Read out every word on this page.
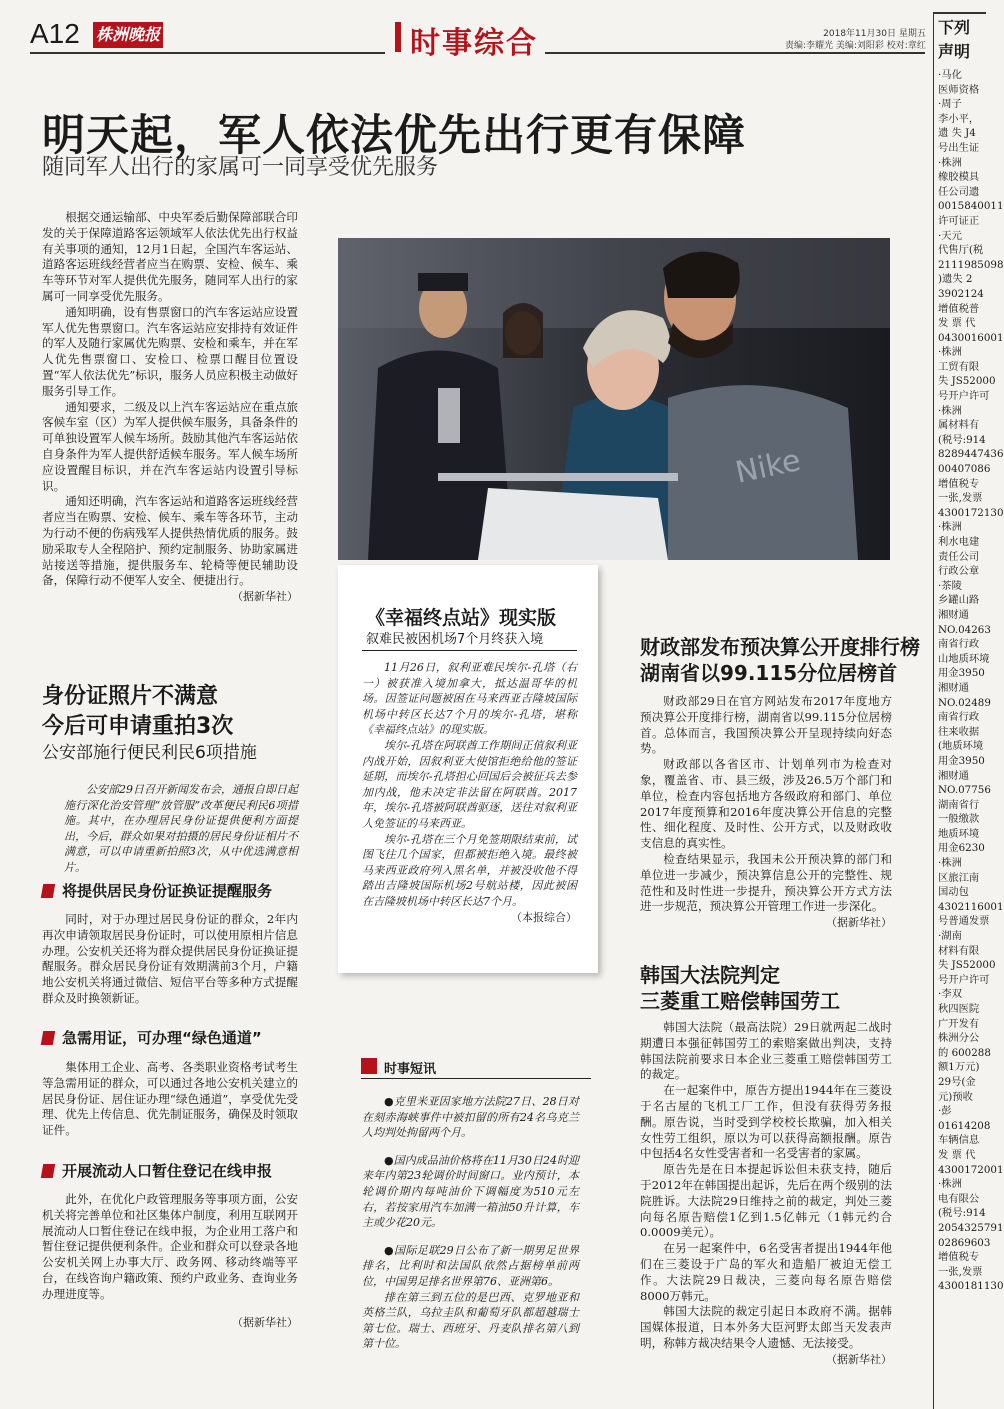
A12 株洲晚报	时事综合	2018年11月30日 星期五
责编:李耀光 美编:刘阳彩 校对:章红
明天起，军人依法优先出行更有保障
随同军人出行的家属可一同享受优先服务

根据交通运输部、中央军委后勤保障部联合印发的关于保障道路客运领域军人依法优先出行权益有关事项的通知，12月1日起，全国汽车客运站、道路客运班线经营者应当在购票、安检、候车、乘车等环节对军人提供优先服务，随同军人出行的家属可一同享受优先服务。

通知明确，设有售票窗口的汽车客运站应设置军人优先售票窗口。汽车客运站应安排持有效证件的军人及随行家属优先购票、安检和乘车，并在军人优先售票窗口、安检口、检票口醒目位置设置“军人依法优先”标识，服务人员应积极主动做好服务引导工作。

通知要求，二级及以上汽车客运站应在重点旅客候车室（区）为军人提供候车服务，具备条件的可单独设置军人候车场所。鼓励其他汽车客运站依自身条件为军人提供舒适候车服务。军人候车场所应设置醒目标识，并在汽车客运站内设置引导标识。

通知还明确，汽车客运站和道路客运班线经营者应当在购票、安检、候车、乘车等各环节，主动为行动不便的伤病残军人提供热情优质的服务。鼓励采取专人全程陪护、预约定制服务、协助家属进站接送等措施，提供服务车、轮椅等便民辅助设备，保障行动不便军人安全、便捷出行。

（据新华社）
Nike
《幸福终点站》现实版
叙难民被困机场7个月终获入境

11月26日，叙利亚难民埃尔-孔塔（右一）被获准入境加拿大，抵达温哥华的机场。因签证问题被困在马来西亚吉隆坡国际机场中转区长达7个月的埃尔-孔塔，堪称《幸福终点站》的现实版。

埃尔-孔塔在阿联酋工作期间正值叙利亚内战开始，因叙利亚大使馆拒绝给他的签证延期，而埃尔-孔塔担心回国后会被征兵去参加内战，他未决定非法留在阿联酋。2017年，埃尔-孔塔被阿联酋驱逐，送往对叙利亚人免签证的马来西亚。

埃尔-孔塔在三个月免签期限结束前，试图飞往几个国家，但都被拒绝入境。最终被马来西亚政府列入黑名单，并被没收他不得踏出吉隆坡国际机场2号航站楼，因此被困在吉隆坡机场中转区长达7个月。

（本报综合）
身份证照片不满意
今后可申请重拍3次
公安部施行便民利民6项措施

公安部29日召开新闻发布会，通报自即日起施行深化治安管理“放管服”改革便民利民6项措施。其中，在办理居民身份证提供便利方面提出，今后，群众如果对拍摄的居民身份证相片不满意，可以申请重新拍照3次，从中优选满意相片。

将提供居民身份证换证提醒服务

同时，对于办理过居民身份证的群众，2年内再次申请领取居民身份证时，可以使用原相片信息办理。公安机关还将为群众提供居民身份证换证提醒服务。群众居民身份证有效期满前3个月，户籍地公安机关将通过微信、短信平台等多种方式提醒群众及时换领新证。

急需用证，可办理“绿色通道”

集体用工企业、高考、各类职业资格考试考生等急需用证的群众，可以通过各地公安机关建立的居民身份证、居住证办理“绿色通道”，享受优先受理、优先上传信息、优先制证服务，确保及时领取证件。

开展流动人口暂住登记在线申报

此外，在优化户政管理服务等事项方面，公安机关将完善单位和社区集体户制度，利用互联网开展流动人口暂住登记在线申报，为企业用工落户和暂住登记提供便利条件。企业和群众可以登录各地公安机关网上办事大厅、政务网、移动终端等平台，在线咨询户籍政策、预约户政业务、查询业务办理进度等。

（据新华社）
时事短讯

●克里米亚因家地方法院27日、28日对在刻赤海峡事件中被扣留的所有24名乌克兰人均判处拘留两个月。

●国内成品油价格将在11月30日24时迎来年内第23轮调价时间窗口。业内预计，本轮调价期内每吨油价下调幅度为510元左右，若按家用汽车加满一箱油50升计算，车主或少花20元。

●国际足联29日公布了新一期男足世界排名，比利时和法国队依然占据榜单前两位，中国男足排名世界第76、亚洲第6。

排在第三到五位的是巴西、克罗地亚和英格兰队，乌拉圭队和葡萄牙队都超越瑞士第七位。瑞士、西班牙、丹麦队排名第八到第十位。

财政部发布预决算公开度排行榜
湖南省以99.115分位居榜首

财政部29日在官方网站发布2017年度地方预决算公开度排行榜，湖南省以99.115分位居榜首。总体而言，我国预决算公开呈现持续向好态势。

财政部以各省区市、计划单列市为检查对象，覆盖省、市、县三级，涉及26.5万个部门和单位，检查内容包括地方各级政府和部门、单位2017年度预算和2016年度决算公开信息的完整性、细化程度、及时性、公开方式，以及财政收支信息的真实性。

检查结果显示，我国未公开预决算的部门和单位进一步减少，预决算信息公开的完整性、规范性和及时性进一步提升，预决算公开方式方法进一步规范，预决算公开管理工作进一步深化。

（据新华社）
韩国大法院判定
三菱重工赔偿韩国劳工

韩国大法院（最高法院）29日就两起二战时期遭日本强征韩国劳工的索赔案做出判决，支持韩国法院前要求日本企业三菱重工赔偿韩国劳工的裁定。

在一起案件中，原告方提出1944年在三菱设于名古屋的飞机工厂工作，但没有获得劳务报酬。原告说，当时受到学校校长欺骗，加入相关女性劳工组织，原以为可以获得高额报酬。原告中包括4名女性受害者和一名受害者的家属。

原告先是在日本提起诉讼但未获支持，随后于2012年在韩国提出起诉，先后在两个级别的法院胜诉。大法院29日维持之前的裁定，判处三菱向每名原告赔偿1亿到1.5亿韩元（1韩元约合0.0009美元）。

在另一起案件中，6名受害者提出1944年他们在三菱设于广岛的军火和造船厂被迫无偿工作。大法院29日裁决，三菱向每名原告赔偿8000万韩元。

韩国大法院的裁定引起日本政府不满。据韩国媒体报道，日本外务大臣河野太郎当天发表声明，称韩方裁决结果令人遗憾、无法接受。

（据新华社）
下列
声明
·马化
医师资格
·周子
李小平，
遗 失 J4
号出生证
·株洲
橡胶模具
任公司遗
0015840011
许可证正
·天元
代售厅(税
2111985098
)遗失 2
3902124
增值税普
发 票 代
0430016001
·株洲
工贸有限
失 JS52000
号开户许可
·株洲
属材料有
(税号:914
8289447436
00407086
增值税专
一张,发票
4300172130
·株洲
利水电建
责任公司
行政公章
·茶陵
乡罐山路
湘财通
NO.04263
南省行政
山地质环境
用金3950
湘财通
NO.02489
南省行政
往来收据
(地质环境
用金3950
湘财通
NO.07756
湖南省行
一般缴款
地质环境
用金6230
·株洲
区旅江南
国动包
4302116001
号普通发票
·湖南
材料有限
失 JS52000
号开户许可
·李双
秋四医院
广开发有
株洲分公
的 600288
额1万元)
29号(金
元)预收
·彭
01614208
车辆信息
发 票 代
4300172001
·株洲
电有限公
(税号:914
2054325791
02869603
增值税专
一张,发票
4300181130
